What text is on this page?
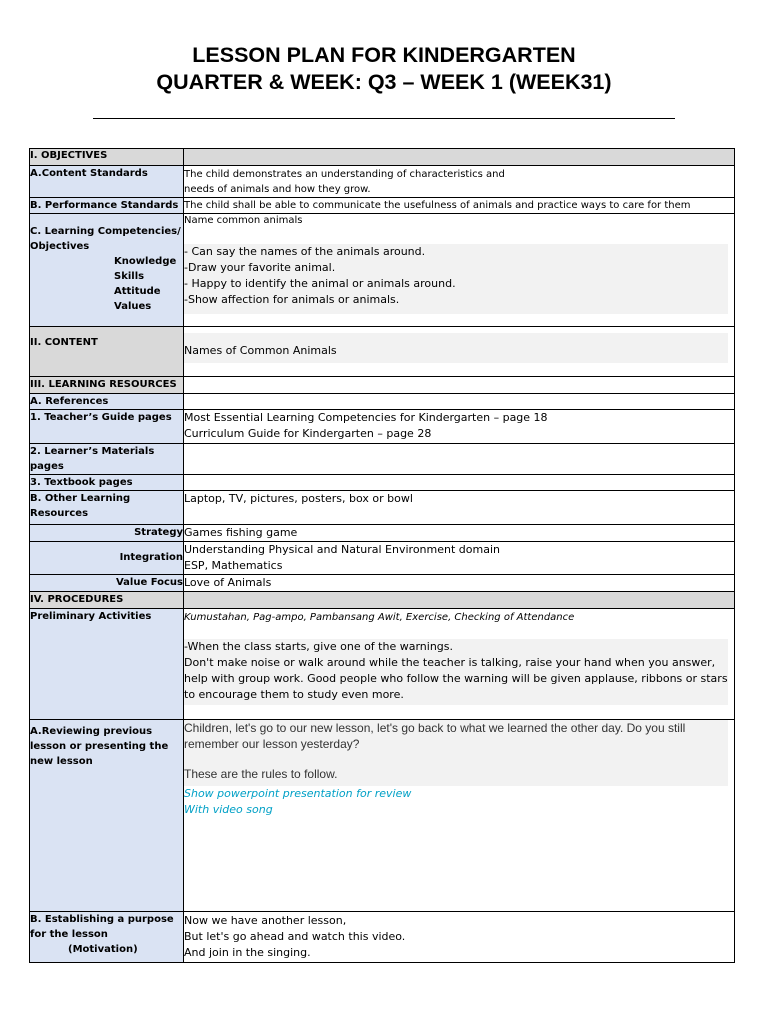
LESSON PLAN FOR KINDERGARTEN
QUARTER & WEEK: Q3 – WEEK 1 (WEEK31)
I. OBJECTIVES	
A.Content Standards	The child demonstrates an understanding of characteristics and
needs of animals and how they grow.

B. Performance Standards	The child shall be able to communicate the usefulness of animals and practice ways to care for them

C. Learning Competencies/ Objectives
Knowledge
Skills
Attitude
Values	Name common animals
- Can say the names of the animals around.
-Draw your favorite animal.
- Happy to identify the animal or animals around.
-Show affection for animals or animals.

II. CONTENT	Names of Common Animals

III. LEARNING RESOURCES	
A. References	
1. Teacher’s Guide pages	Most Essential Learning Competencies for Kindergarten – page 18
Curriculum Guide for Kindergarten – page 28

2. Learner’s Materials pages	
3. Textbook pages	
B. Other Learning Resources	Laptop, TV, pictures, posters, box or bowl
Strategy	Games fishing game
Integration	Understanding Physical and Natural Environment domain
ESP, Mathematics

Value Focus	Love of Animals
IV. PROCEDURES	
Preliminary Activities	Kumustahan, Pag-ampo, Pambansang Awit, Exercise, Checking of Attendance
-When the class starts, give one of the warnings.
Don't make noise or walk around while the teacher is talking, raise your hand when you answer, help with group work. Good people who follow the warning will be given applause, ribbons or stars to encourage them to study even more.

A.Reviewing previous lesson or presenting the new lesson	Children, let's go to our new lesson, let's go back to what we learned the other day. Do you still remember our lesson yesterday?
These are the rules to follow.
Show powerpoint presentation for review
With video song

B. Establishing a purpose for the lesson
(Motivation)	Now we have another lesson,
But let's go ahead and watch this video.
And join in the singing.
